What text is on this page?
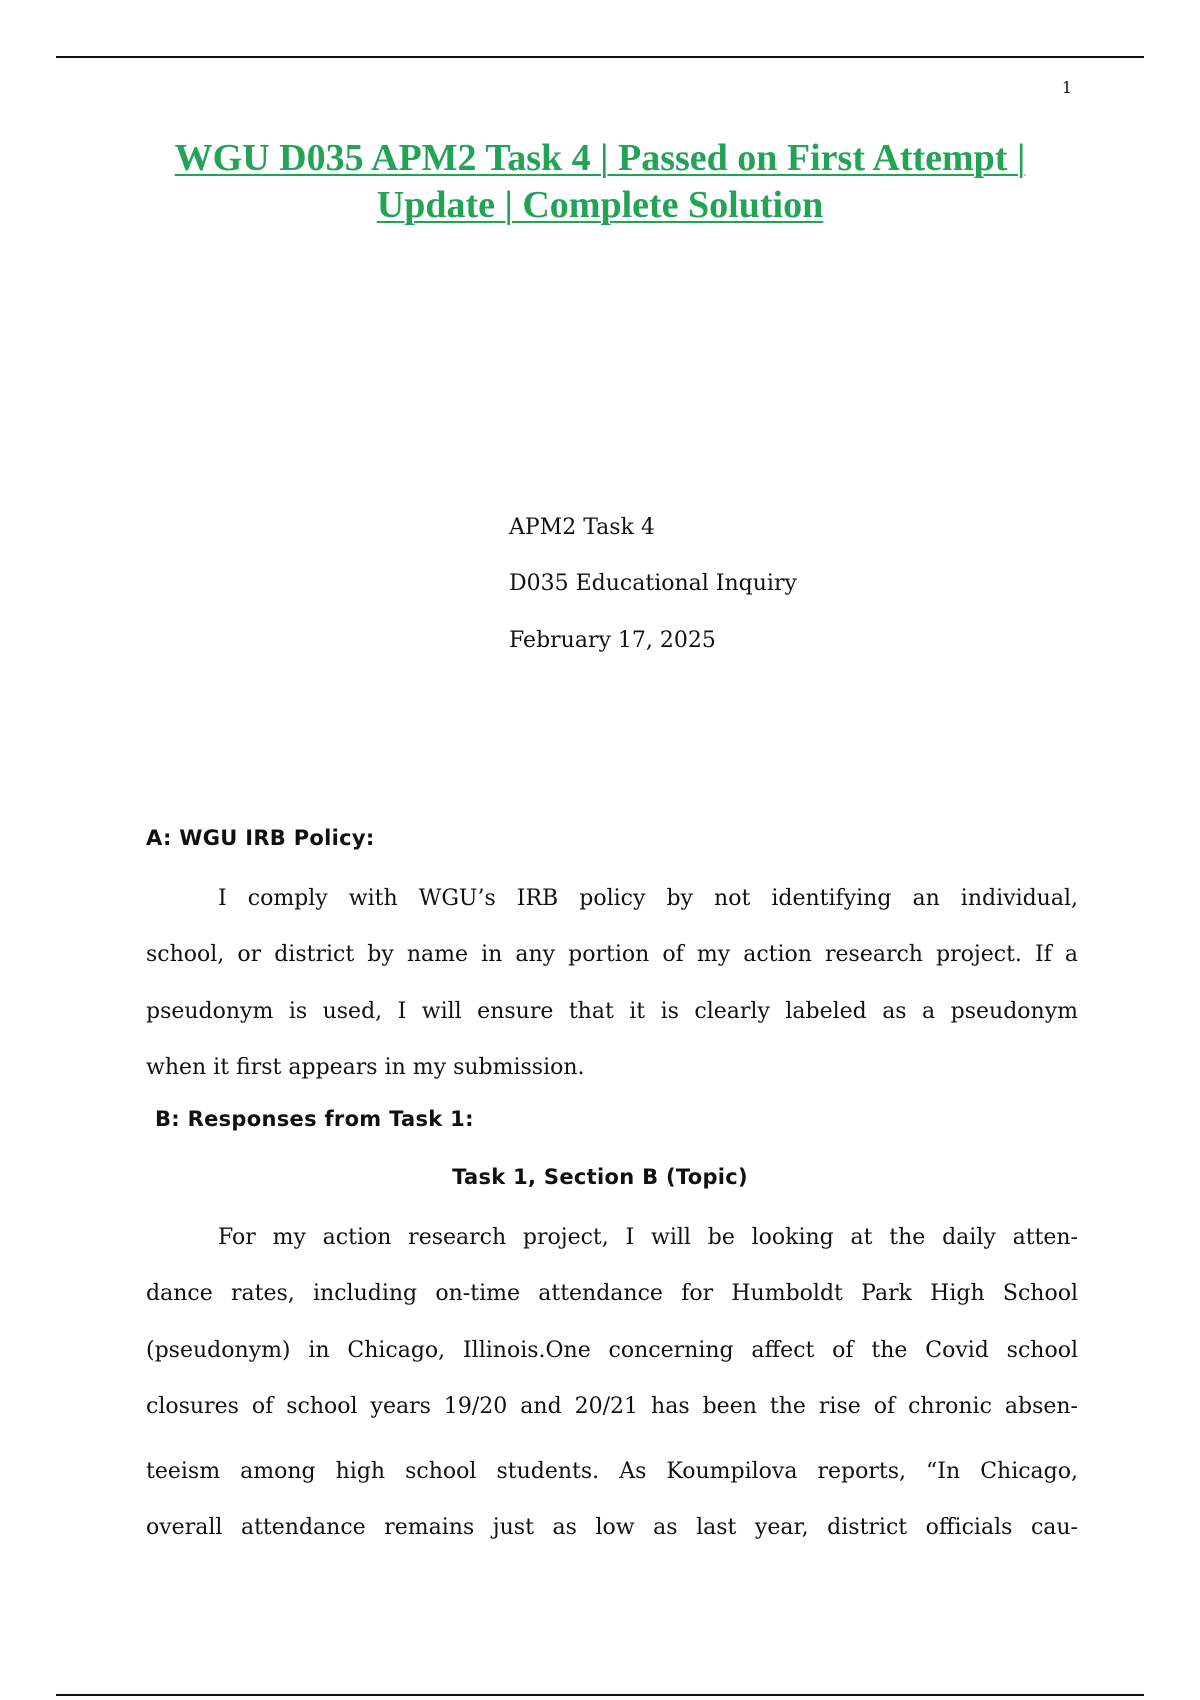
1
WGU D035 APM2 Task 4 | Passed on First Attempt |
Update | Complete Solution
APM2 Task 4
D035 Educational Inquiry
February 17, 2025
A: WGU IRB Policy:
I comply with WGU’s IRB policy by not identifying an individual,
school, or district by name in any portion of my action research project. If a
pseudonym is used, I will ensure that it is clearly labeled as a pseudonym
when it first appears in my submission.
B: Responses from Task 1:
Task 1, Section B (Topic)
For my action research project, I will be looking at the daily atten-
dance rates, including on-time attendance for Humboldt Park High School
(pseudonym) in Chicago, Illinois.One concerning affect of the Covid school
closures of school years 19/20 and 20/21 has been the rise of chronic absen-
teeism among high school students. As Koumpilova reports, “In Chicago,
overall attendance remains just as low as last year, district officials cau-
